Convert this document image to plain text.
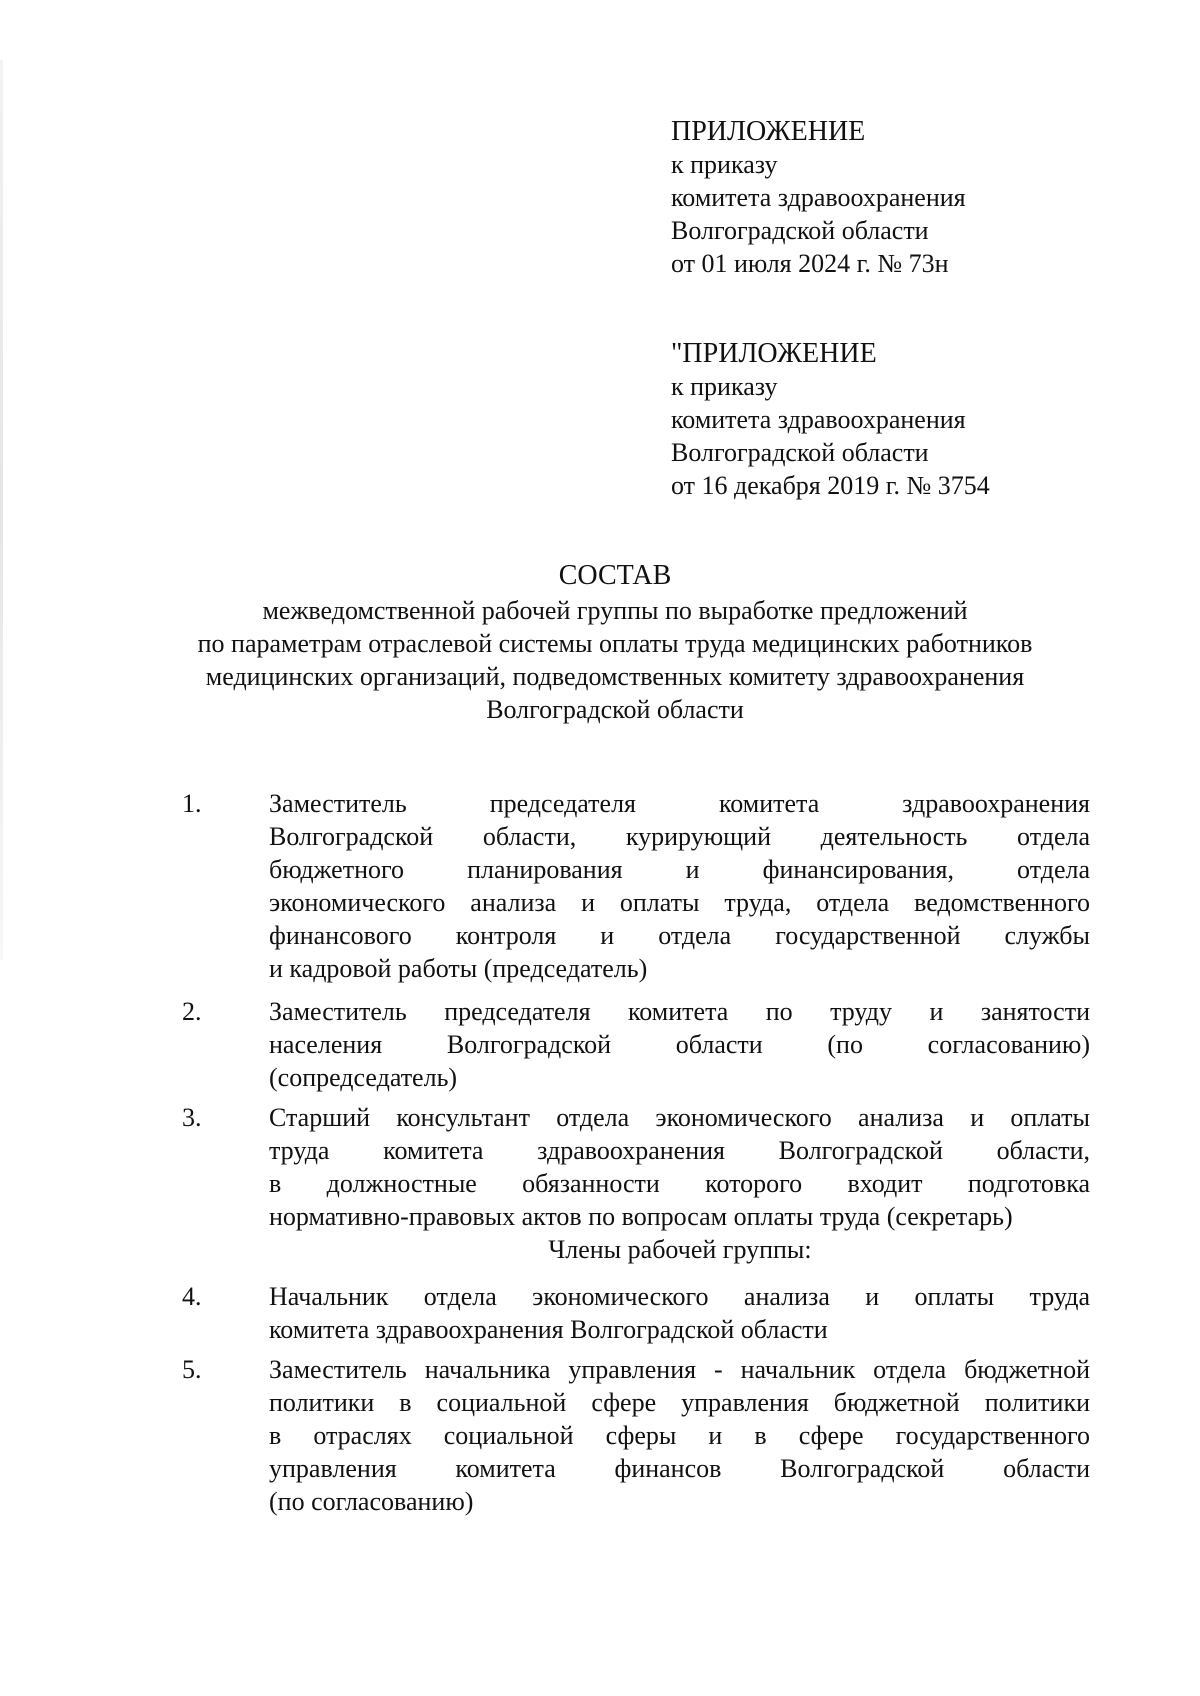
ПРИЛОЖЕНИЕ
к приказу
комитета здравоохранения
Волгоградской области
от 01 июля 2024 г. № 73н
"ПРИЛОЖЕНИЕ
к приказу
комитета здравоохранения
Волгоградской области
от 16 декабря 2019 г. № 3754
СОСТАВ
межведомственной рабочей группы по выработке предложений
по параметрам отраслевой системы оплаты труда медицинских работников
медицинских организаций, подведомственных комитету здравоохранения
Волгоградской области
1.	Заместитель председателя комитета здравоохранения
Волгоградской области, курирующий деятельность отдела
бюджетного планирования и финансирования, отдела
экономического анализа и оплаты труда, отдела ведомственного
финансового контроля и отдела государственной службы
и кадровой работы (председатель)
2.	Заместитель председателя комитета по труду и занятости
населения Волгоградской области (по согласованию)
(сопредседатель)
3.	Старший консультант отдела экономического анализа и оплаты
труда комитета здравоохранения Волгоградской области,
в должностные обязанности которого входит подготовка
нормативно-правовых актов по вопросам оплаты труда (секретарь)
Члены рабочей группы:
4.	Начальник отдела экономического анализа и оплаты труда
комитета здравоохранения Волгоградской области
5.	Заместитель начальника управления - начальник отдела бюджетной
политики в социальной сфере управления бюджетной политики
в отраслях социальной сферы и в сфере государственного
управления комитета финансов Волгоградской области
(по согласованию)
